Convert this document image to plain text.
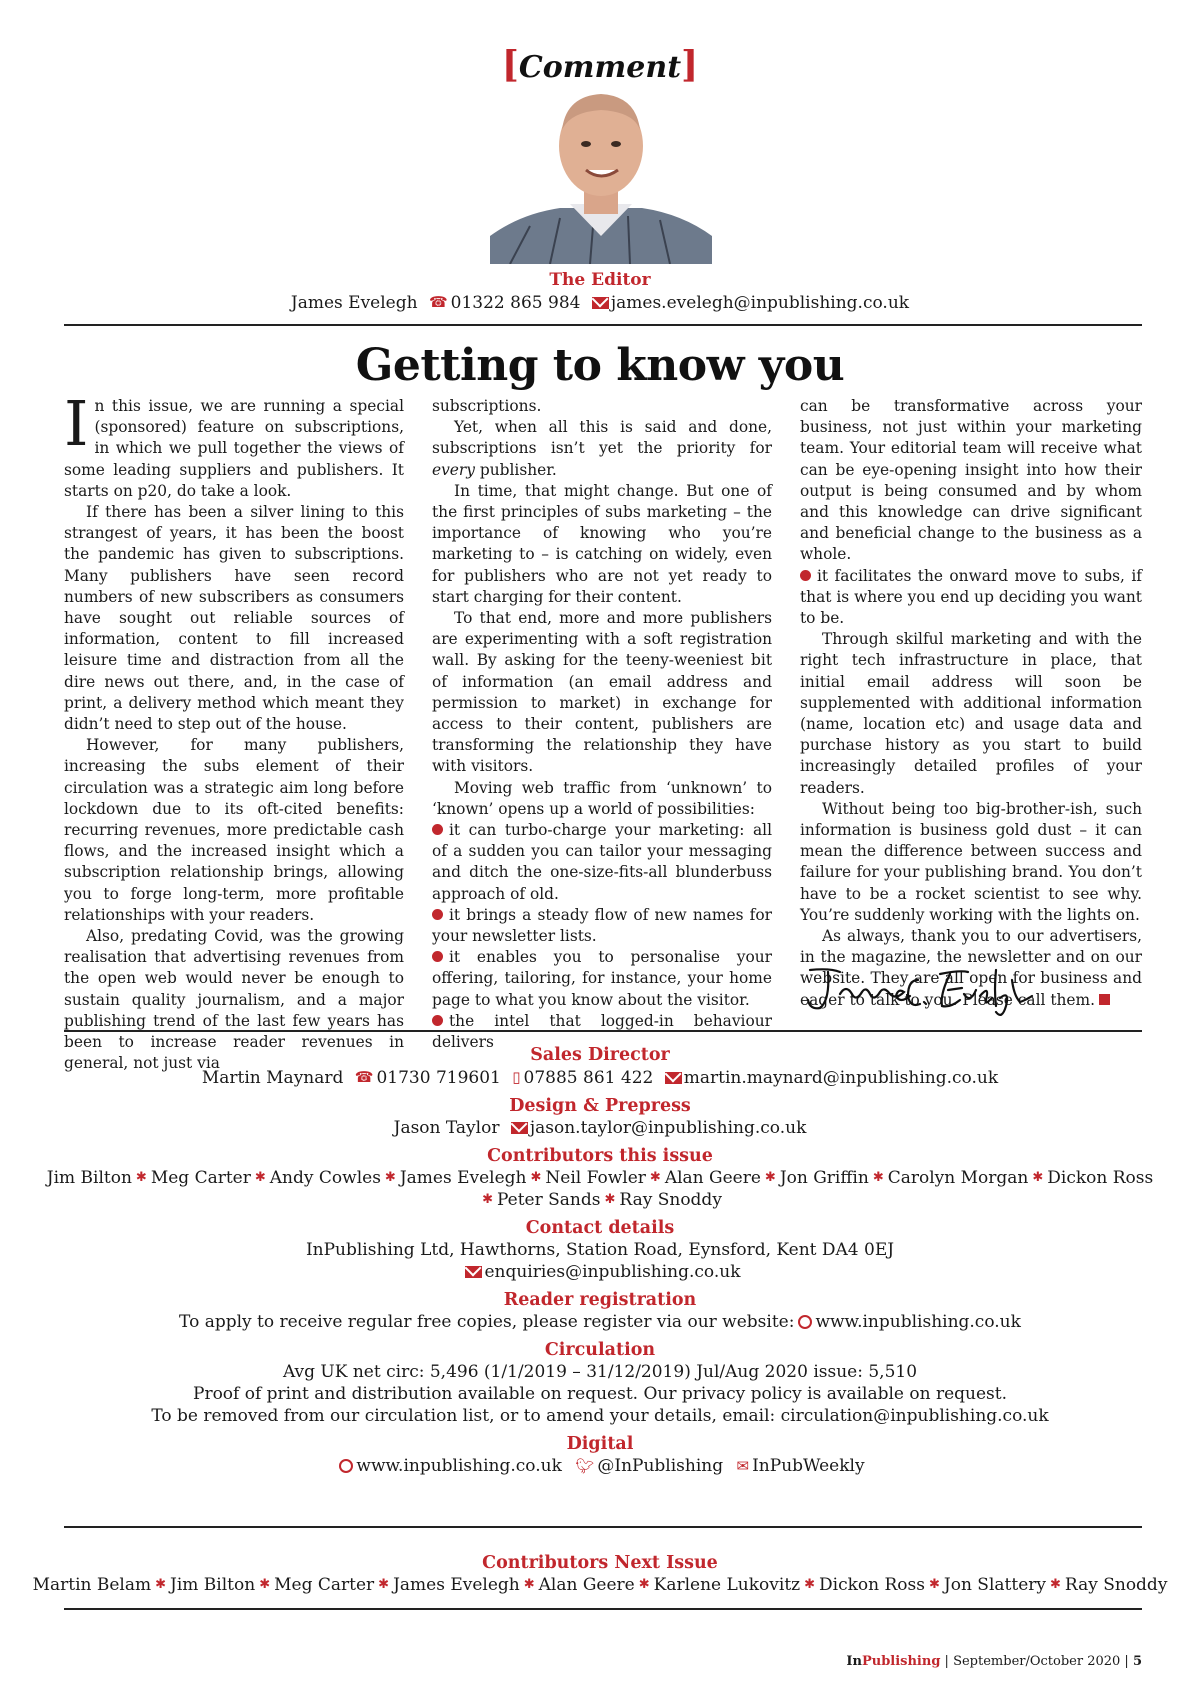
[Comment]
The Editor
James Evelegh ☎ 01322 865 984 james.evelegh@inpublishing.co.uk
Getting to know you

In this issue, we are running a special (sponsored) feature on subscriptions, in which we pull together the views of some leading suppliers and publishers. It starts on p20, do take a look.

If there has been a silver lining to this strangest of years, it has been the boost the pandemic has given to subscriptions. Many publishers have seen record numbers of new subscribers as consumers have sought out reliable sources of information, content to fill increased leisure time and distraction from all the dire news out there, and, in the case of print, a delivery method which meant they didn’t need to step out of the house.

However, for many publishers, increasing the subs element of their circulation was a strategic aim long before lockdown due to its oft-cited benefits: recurring revenues, more predictable cash flows, and the increased insight which a subscription relationship brings, allowing you to forge long-term, more profitable relationships with your readers.

Also, predating Covid, was the growing realisation that advertising revenues from the open web would never be enough to sustain quality journalism, and a major publishing trend of the last few years has been to increase reader revenues in general, not just via

subscriptions.

Yet, when all this is said and done, subscriptions isn’t yet the priority for every publisher.

In time, that might change. But one of the first principles of subs marketing – the importance of knowing who you’re marketing to – is catching on widely, even for publishers who are not yet ready to start charging for their content.

To that end, more and more publishers are experimenting with a soft registration wall. By asking for the teeny-weeniest bit of information (an email address and permission to market) in exchange for access to their content, publishers are transforming the relationship they have with visitors.

Moving web traffic from ‘unknown’ to ‘known’ opens up a world of possibilities:

it can turbo-charge your marketing: all of a sudden you can tailor your messaging and ditch the one-size-fits-all blunderbuss approach of old.

it brings a steady flow of new names for your newsletter lists.

it enables you to personalise your offering, tailoring, for instance, your home page to what you know about the visitor.

the intel that logged-in behaviour delivers

can be transformative across your business, not just within your marketing team. Your editorial team will receive what can be eye-opening insight into how their output is being consumed and by whom and this knowledge can drive significant and beneficial change to the business as a whole.

it facilitates the onward move to subs, if that is where you end up deciding you want to be.

Through skilful marketing and with the right tech infrastructure in place, that initial email address will soon be supplemented with additional information (name, location etc) and usage data and purchase history as you start to build increasingly detailed profiles of your readers.

Without being too big-brother-ish, such information is business gold dust – it can mean the difference between success and failure for your publishing brand. You don’t have to be a rocket scientist to see why. You’re suddenly working with the lights on.

As always, thank you to our advertisers, in the magazine, the newsletter and on our website. They are all open for business and eager to talk to you. Please call them.

Sales Director
Martin Maynard ☎ 01730 719601 ▯ 07885 861 422 martin.maynard@inpublishing.co.uk
Design & Prepress
Jason Taylor jason.taylor@inpublishing.co.uk
Contributors this issue
Jim Bilton ✱ Meg Carter ✱ Andy Cowles ✱ James Evelegh ✱ Neil Fowler ✱ Alan Geere ✱ Jon Griffin ✱ Carolyn Morgan ✱ Dickon Ross
✱ Peter Sands ✱ Ray Snoddy
Contact details
InPublishing Ltd, Hawthorns, Station Road, Eynsford, Kent DA4 0EJ
enquiries@inpublishing.co.uk
Reader registration
To apply to receive regular free copies, please register via our website: www.inpublishing.co.uk
Circulation
Avg UK net circ: 5,496 (1/1/2019 – 31/12/2019) Jul/Aug 2020 issue: 5,510
Proof of print and distribution available on request. Our privacy policy is available on request.
To be removed from our circulation list, or to amend your details, email: circulation@inpublishing.co.uk
Digital
www.inpublishing.co.uk 🐦︎ @InPublishing ✉ InPubWeekly
Contributors Next Issue
Martin Belam ✱ Jim Bilton ✱ Meg Carter ✱ James Evelegh ✱ Alan Geere ✱ Karlene Lukovitz ✱ Dickon Ross ✱ Jon Slattery ✱ Ray Snoddy
InPublishing | September/October 2020 | 5
